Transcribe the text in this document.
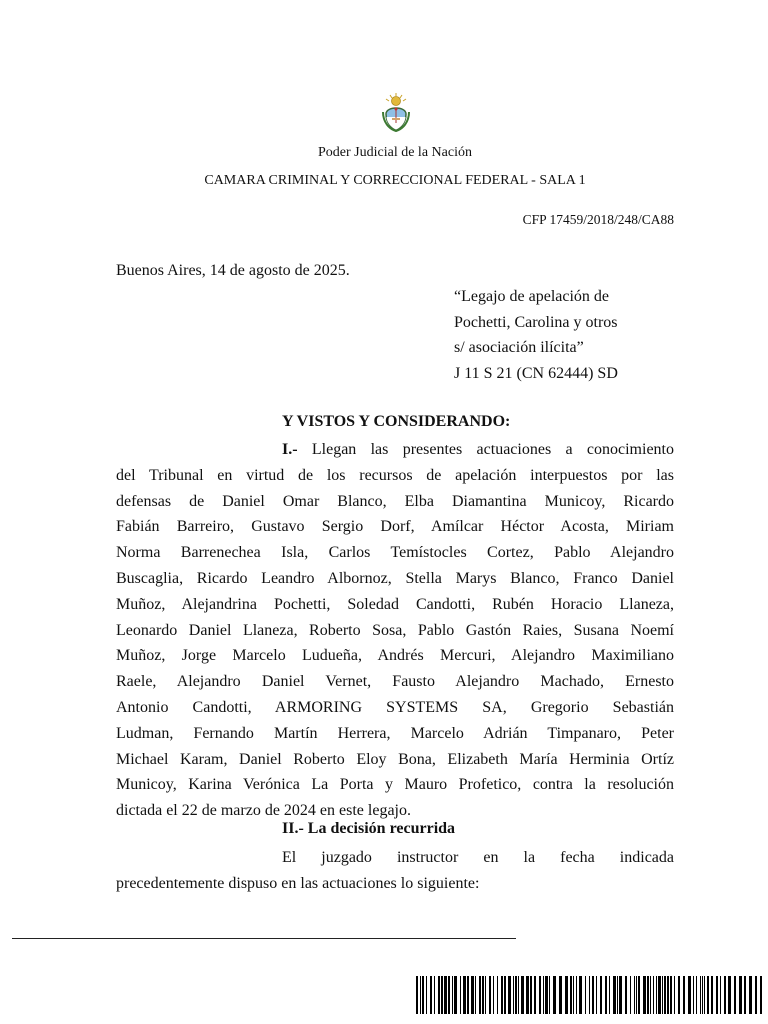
Poder Judicial de la Nación
CAMARA CRIMINAL Y CORRECCIONAL FEDERAL - SALA 1
CFP 17459/2018/248/CA88
Buenos Aires, 14 de agosto de 2025.
“Legajo de apelación de
Pochetti, Carolina y otros
s/ asociación ilícita”
J 11 S 21 (CN 62444) SD
Y VISTOS Y CONSIDERANDO:
I.- Llegan las presentes actuaciones a conocimiento
del Tribunal en virtud de los recursos de apelación interpuestos por las
defensas de Daniel Omar Blanco, Elba Diamantina Municoy, Ricardo
Fabián Barreiro, Gustavo Sergio Dorf, Amílcar Héctor Acosta, Miriam
Norma Barrenechea Isla, Carlos Temístocles Cortez, Pablo Alejandro
Buscaglia, Ricardo Leandro Albornoz, Stella Marys Blanco, Franco Daniel
Muñoz, Alejandrina Pochetti, Soledad Candotti, Rubén Horacio Llaneza,
Leonardo Daniel Llaneza, Roberto Sosa, Pablo Gastón Raies, Susana Noemí
Muñoz, Jorge Marcelo Ludueña, Andrés Mercuri, Alejandro Maximiliano
Raele, Alejandro Daniel Vernet, Fausto Alejandro Machado, Ernesto
Antonio Candotti, ARMORING SYSTEMS SA, Gregorio Sebastián
Ludman, Fernando Martín Herrera, Marcelo Adrián Timpanaro, Peter
Michael Karam, Daniel Roberto Eloy Bona, Elizabeth María Herminia Ortíz
Municoy, Karina Verónica La Porta y Mauro Profetico, contra la resolución
dictada el 22 de marzo de 2024 en este legajo.
II.- La decisión recurrida
El juzgado instructor en la fecha indicada
precedentemente dispuso en las actuaciones lo siguiente:
